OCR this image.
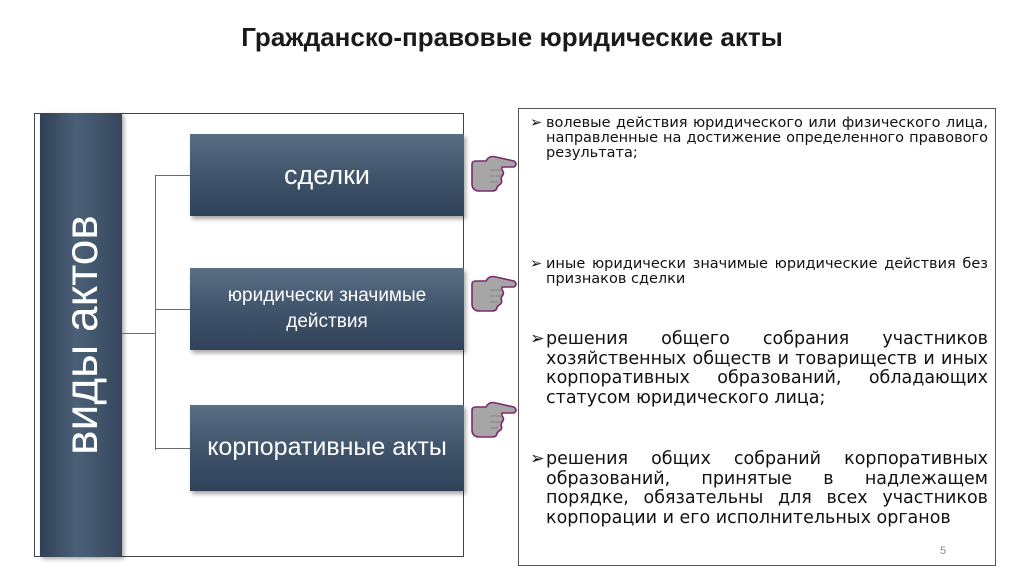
Гражданско-правовые юридические акты
виды актов
сделки
юридически значимые действия
корпоративные акты
➢ волевые действия юридического или физического лица, направленные на достижение определенного правового результата;
➢ иные юридически значимые юридические действия без признаков сделки
➢ решения общего собрания участников хозяйственных обществ и товариществ и иных корпоративных образований, обладающих статусом юридического лица;
➢ решения общих собраний корпоративных образований, принятые в надлежащем порядке, обязательны для всех участников корпорации и его исполнительных органов
5
